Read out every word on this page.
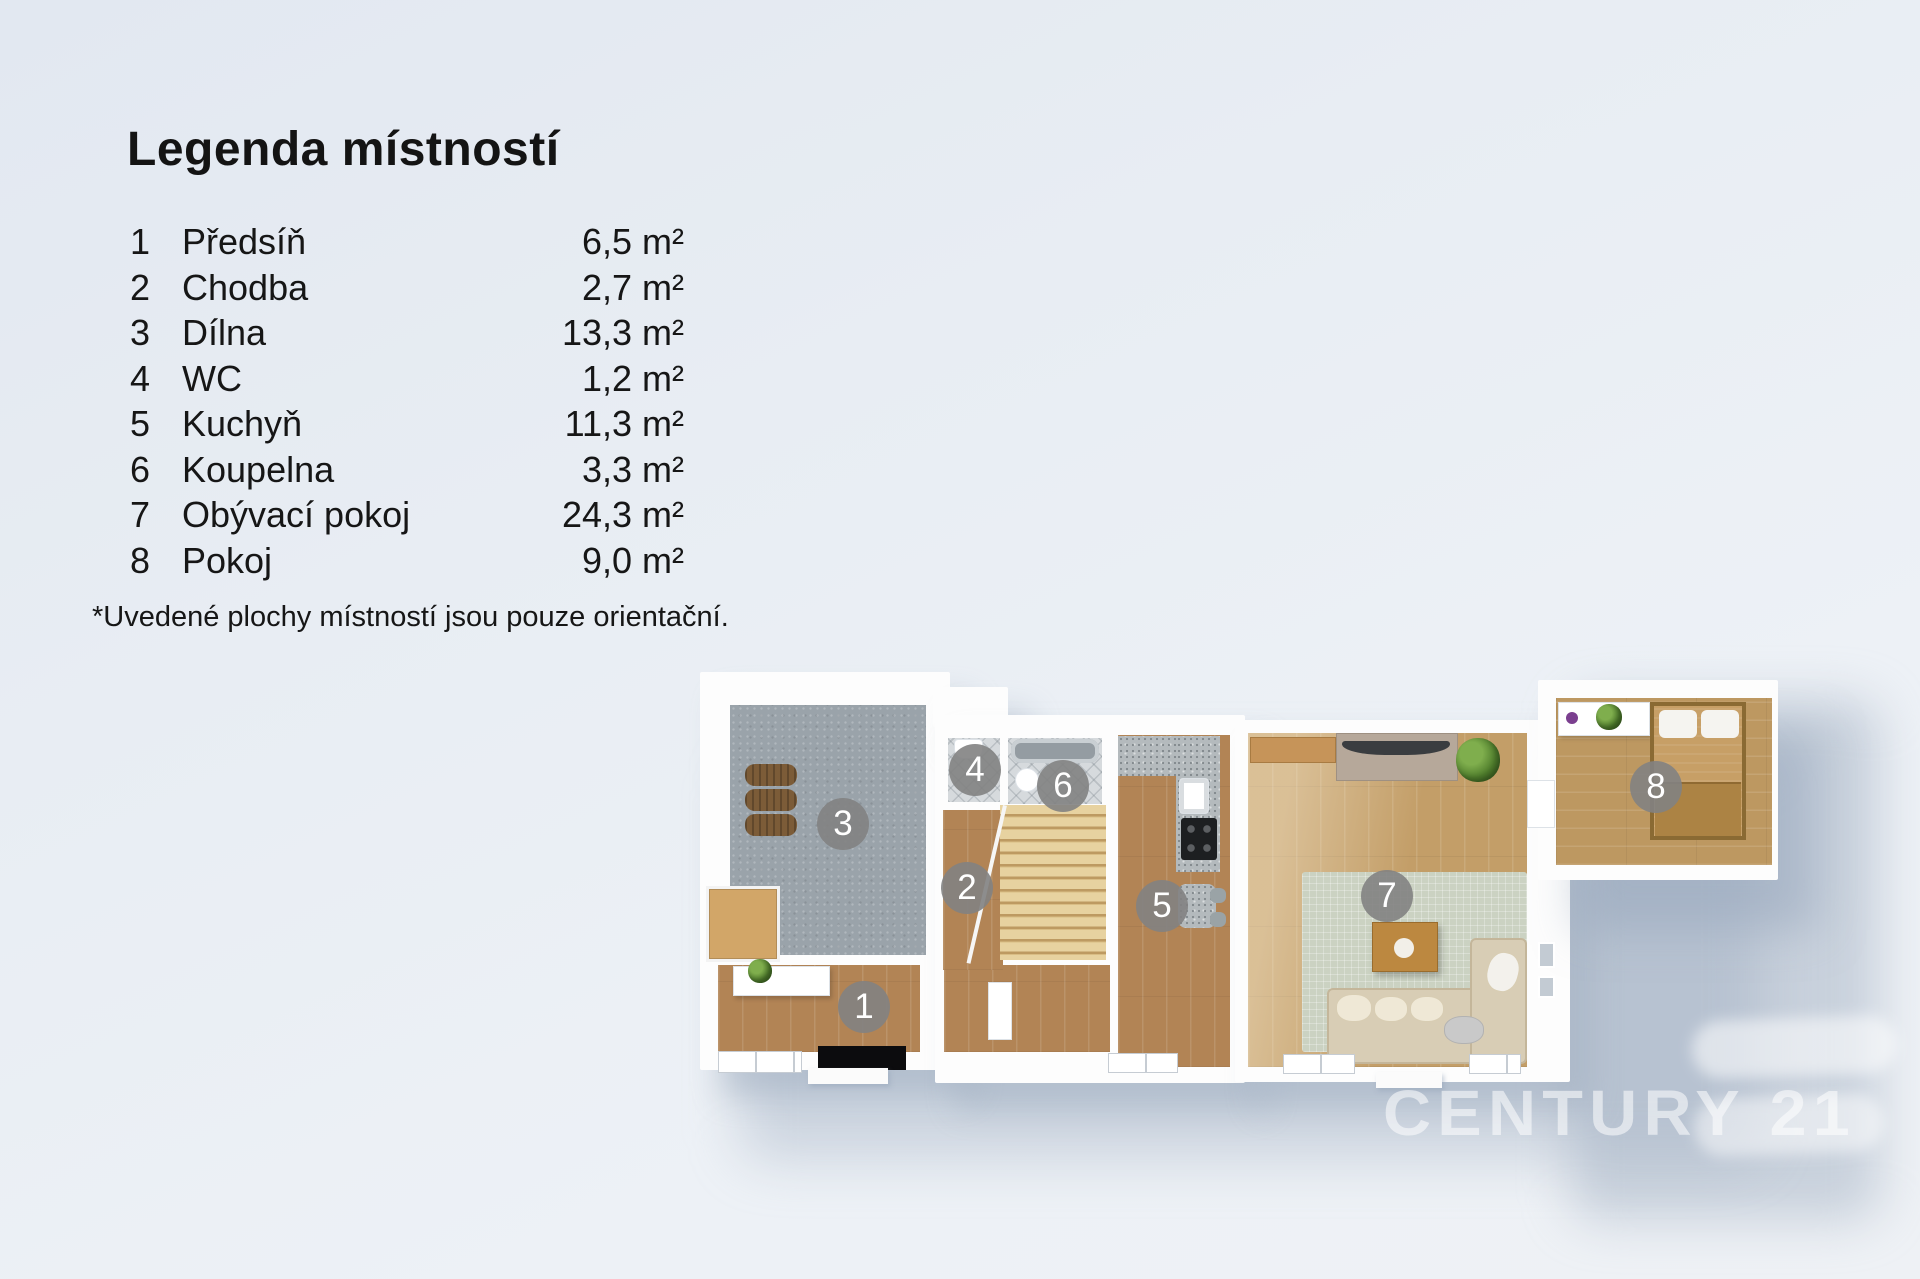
Legenda místností
1 Předsíň	6,5 m²
2 Chodba	2,7 m²
3 Dílna	13,3 m²
4 WC	1,2 m²
5 Kuchyň	11,3 m²
6 Koupelna	3,3 m²
7 Obývací pokoj	24,3 m²
8 Pokoj	9,0 m²
*Uvedené plochy místností jsou pouze orientační.
1
2
3
4
5
6
7
8
CENTURY 21
